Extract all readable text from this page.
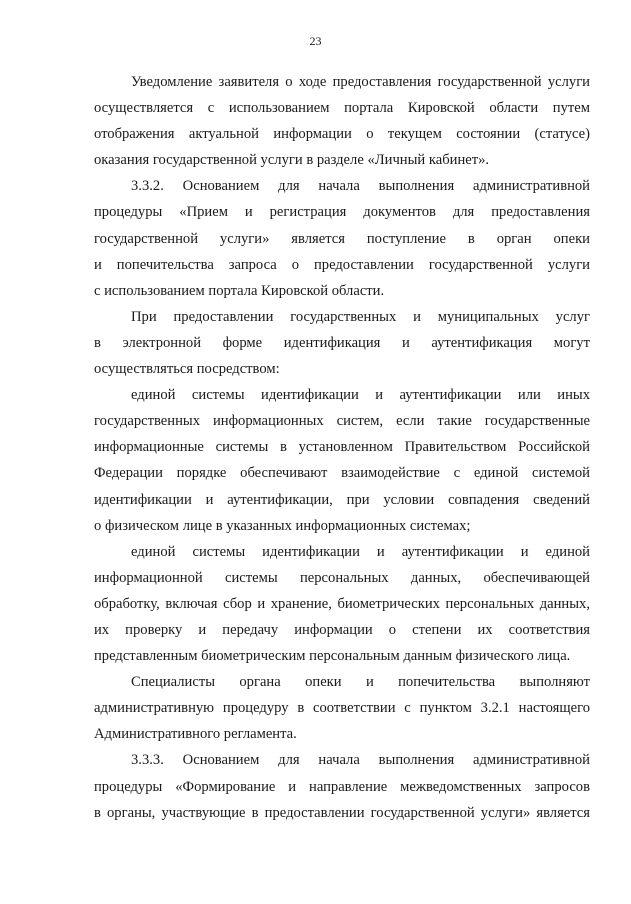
23
Уведомление заявителя о ходе предоставления государственной услуги
осуществляется с использованием портала Кировской области путем
отображения актуальной информации о текущем состоянии (статусе)
оказания государственной услуги в разделе «Личный кабинет».
3.3.2. Основанием для начала выполнения административной
процедуры «Прием и регистрация документов для предоставления
государственной услуги» является поступление в орган опеки
и попечительства запроса о предоставлении государственной услуги
с использованием портала Кировской области.
При предоставлении государственных и муниципальных услуг
в электронной форме идентификация и аутентификация могут
осуществляться посредством:
единой системы идентификации и аутентификации или иных
государственных информационных систем, если такие государственные
информационные системы в установленном Правительством Российской
Федерации порядке обеспечивают взаимодействие с единой системой
идентификации и аутентификации, при условии совпадения сведений
о физическом лице в указанных информационных системах;
единой системы идентификации и аутентификации и единой
информационной системы персональных данных, обеспечивающей
обработку, включая сбор и хранение, биометрических персональных данных,
их проверку и передачу информации о степени их соответствия
представленным биометрическим персональным данным физического лица.
Специалисты органа опеки и попечительства выполняют
административную процедуру в соответствии с пунктом 3.2.1 настоящего
Административного регламента.
3.3.3. Основанием для начала выполнения административной
процедуры «Формирование и направление межведомственных запросов
в органы, участвующие в предоставлении государственной услуги» является
